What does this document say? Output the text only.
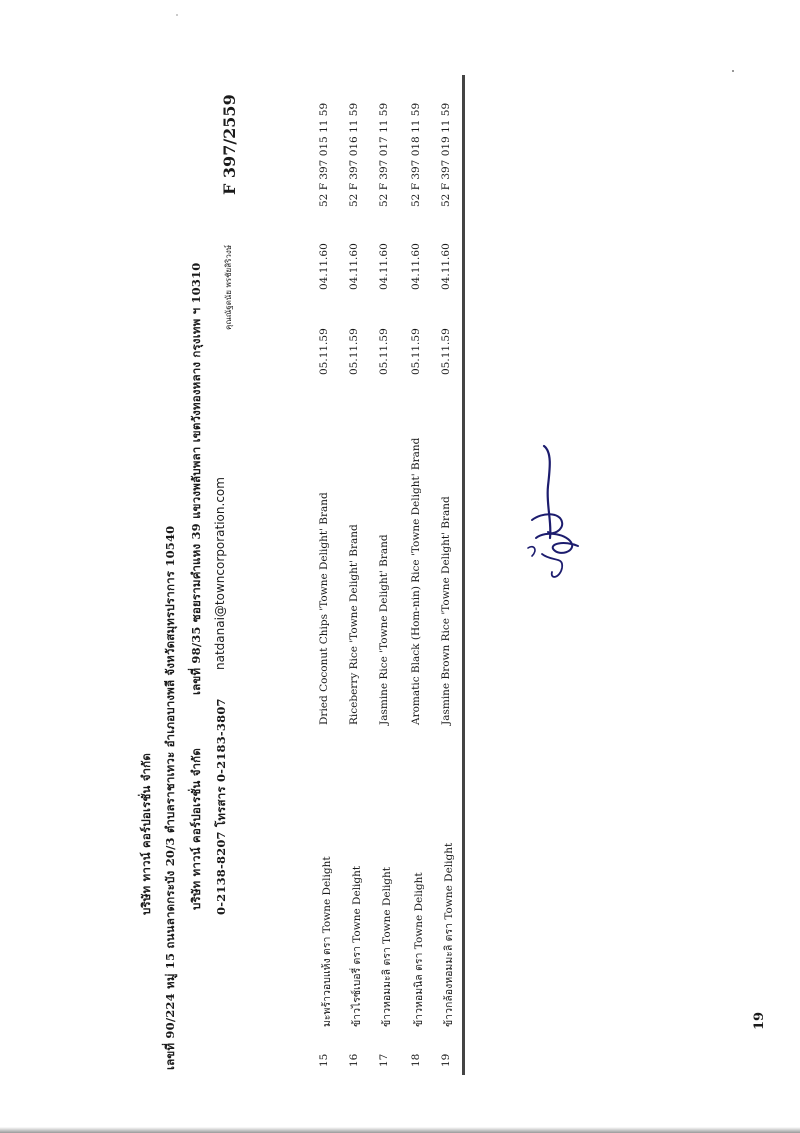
บริษัท ทาวน์ คอร์ปอเรชั่น จำกัด เลขที่ 90/224 หมู่ 15 ถนนลาดกระบัง 20/3 ตำบลราชาเทวะ อำเภอบางพลี จังหวัดสมุทรปราการ 10540 บริษัท ทาวน์ คอร์ปอเรชั่น จำกัด
เลขที่ 98/35 ซอยรามคำแหง 39 แขวงพลับพลา เขตวังทองหลาง กรุงเทพ ฯ 10310
0-2138-8207 โทรสาร 0-2183-3807
natdanai@towncorporation.com
คุณณัฐดนัย พรชัยสิริวงษ์
F 397/2559
15
มะพร้าวอบแห้ง ตรา Towne Delight
Dried Coconut Chips 'Towne Delight' Brand
05.11.59
04.11.60
52 F 397 015 11 59
16
ข้าวไรซ์เบอรี่ ตรา Towne Delight
Riceberry Rice 'Towne Delight' Brand
05.11.59
04.11.60
52 F 397 016 11 59
17
ข้าวหอมมะลิ ตรา Towne Delight
Jasmine Rice 'Towne Delight' Brand
05.11.59
04.11.60
52 F 397 017 11 59
18
ข้าวหอมนิล ตรา Towne Delight
Aromatic Black (Hom-nin) Rice 'Towne Delight' Brand
05.11.59
04.11.60
52 F 397 018 11 59
19
ข้าวกล้องหอมมะลิ ตรา Towne Delight
Jasmine Brown Rice 'Towne Delight' Brand
05.11.59
04.11.60
52 F 397 019 11 59
19
